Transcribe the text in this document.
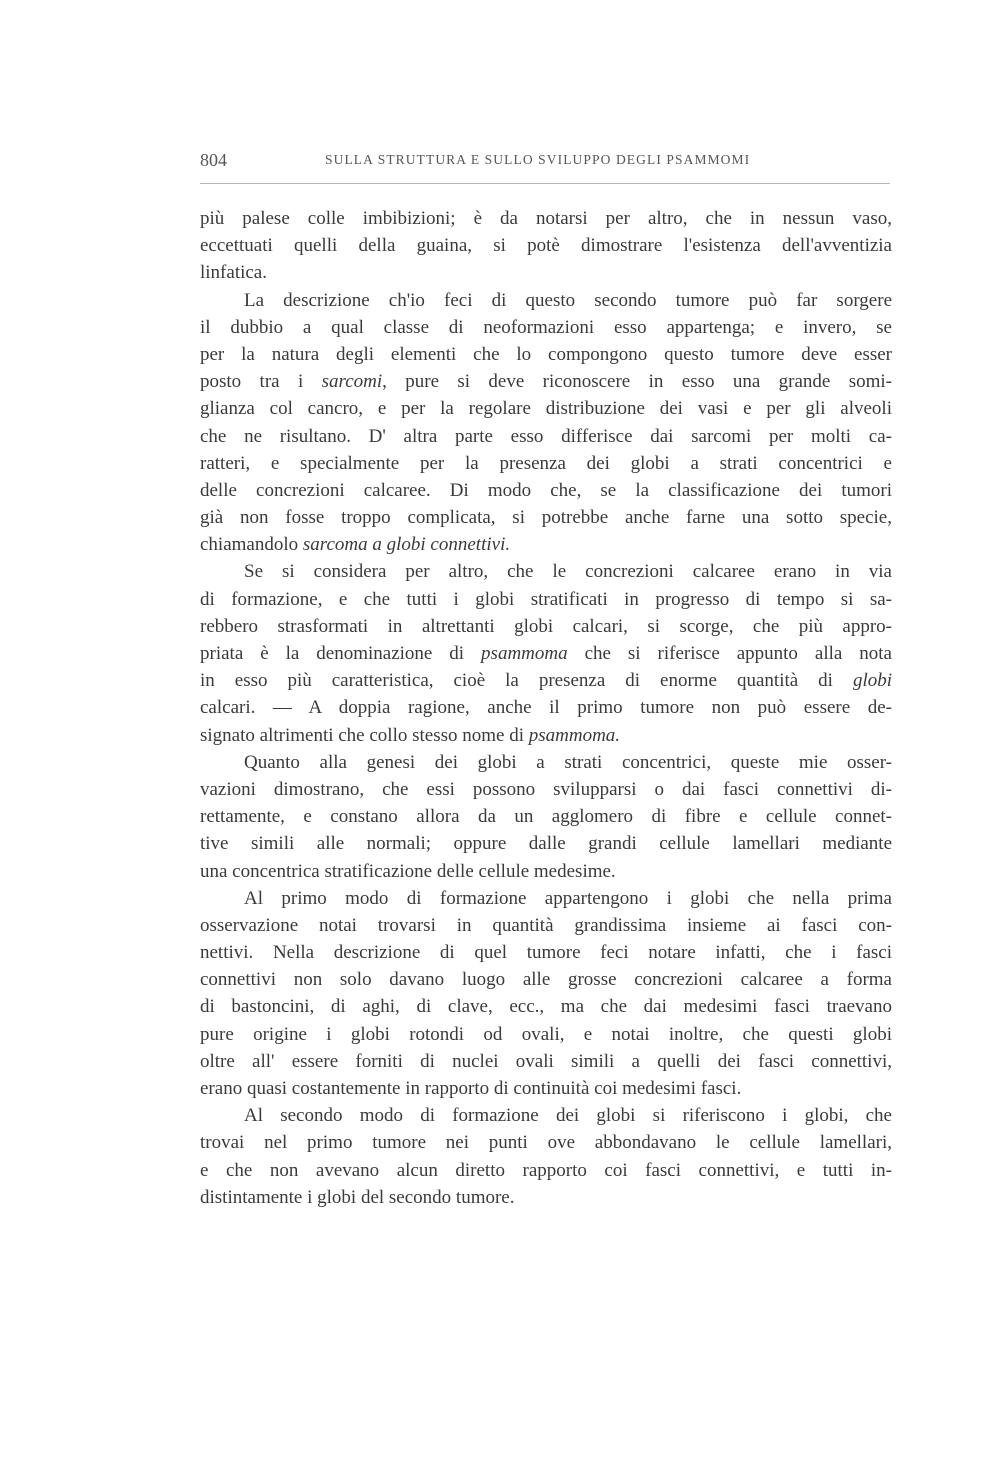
804	SULLA STRUTTURA E SULLO SVILUPPO DEGLI PSAMMOMI
più palese colle imbibizioni; è da notarsi per altro, che in nessun vaso,
eccettuati quelli della guaina, si potè dimostrare l'esistenza dell'avventizia
linfatica.
La descrizione ch'io feci di questo secondo tumore può far sorgere
il dubbio a qual classe di neoformazioni esso appartenga; e invero, se
per la natura degli elementi che lo compongono questo tumore deve esser
posto tra i sarcomi, pure si deve riconoscere in esso una grande somi-
glianza col cancro, e per la regolare distribuzione dei vasi e per gli alveoli
che ne risultano. D' altra parte esso differisce dai sarcomi per molti ca-
ratteri, e specialmente per la presenza dei globi a strati concentrici e
delle concrezioni calcaree. Di modo che, se la classificazione dei tumori
già non fosse troppo complicata, si potrebbe anche farne una sotto specie,
chiamandolo sarcoma a globi connettivi.
Se si considera per altro, che le concrezioni calcaree erano in via
di formazione, e che tutti i globi stratificati in progresso di tempo si sa-
rebbero strasformati in altrettanti globi calcari, si scorge, che più appro-
priata è la denominazione di psammoma che si riferisce appunto alla nota
in esso più caratteristica, cioè la presenza di enorme quantità di globi
calcari. — A doppia ragione, anche il primo tumore non può essere de-
signato altrimenti che collo stesso nome di psammoma.
Quanto alla genesi dei globi a strati concentrici, queste mie osser-
vazioni dimostrano, che essi possono svilupparsi o dai fasci connettivi di-
rettamente, e constano allora da un agglomero di fibre e cellule connet-
tive simili alle normali; oppure dalle grandi cellule lamellari mediante
una concentrica stratificazione delle cellule medesime.
Al primo modo di formazione appartengono i globi che nella prima
osservazione notai trovarsi in quantità grandissima insieme ai fasci con-
nettivi. Nella descrizione di quel tumore feci notare infatti, che i fasci
connettivi non solo davano luogo alle grosse concrezioni calcaree a forma
di bastoncini, di aghi, di clave, ecc., ma che dai medesimi fasci traevano
pure origine i globi rotondi od ovali, e notai inoltre, che questi globi
oltre all' essere forniti di nuclei ovali simili a quelli dei fasci connettivi,
erano quasi costantemente in rapporto di continuità coi medesimi fasci.
Al secondo modo di formazione dei globi si riferiscono i globi, che
trovai nel primo tumore nei punti ove abbondavano le cellule lamellari,
e che non avevano alcun diretto rapporto coi fasci connettivi, e tutti in-
distintamente i globi del secondo tumore.
